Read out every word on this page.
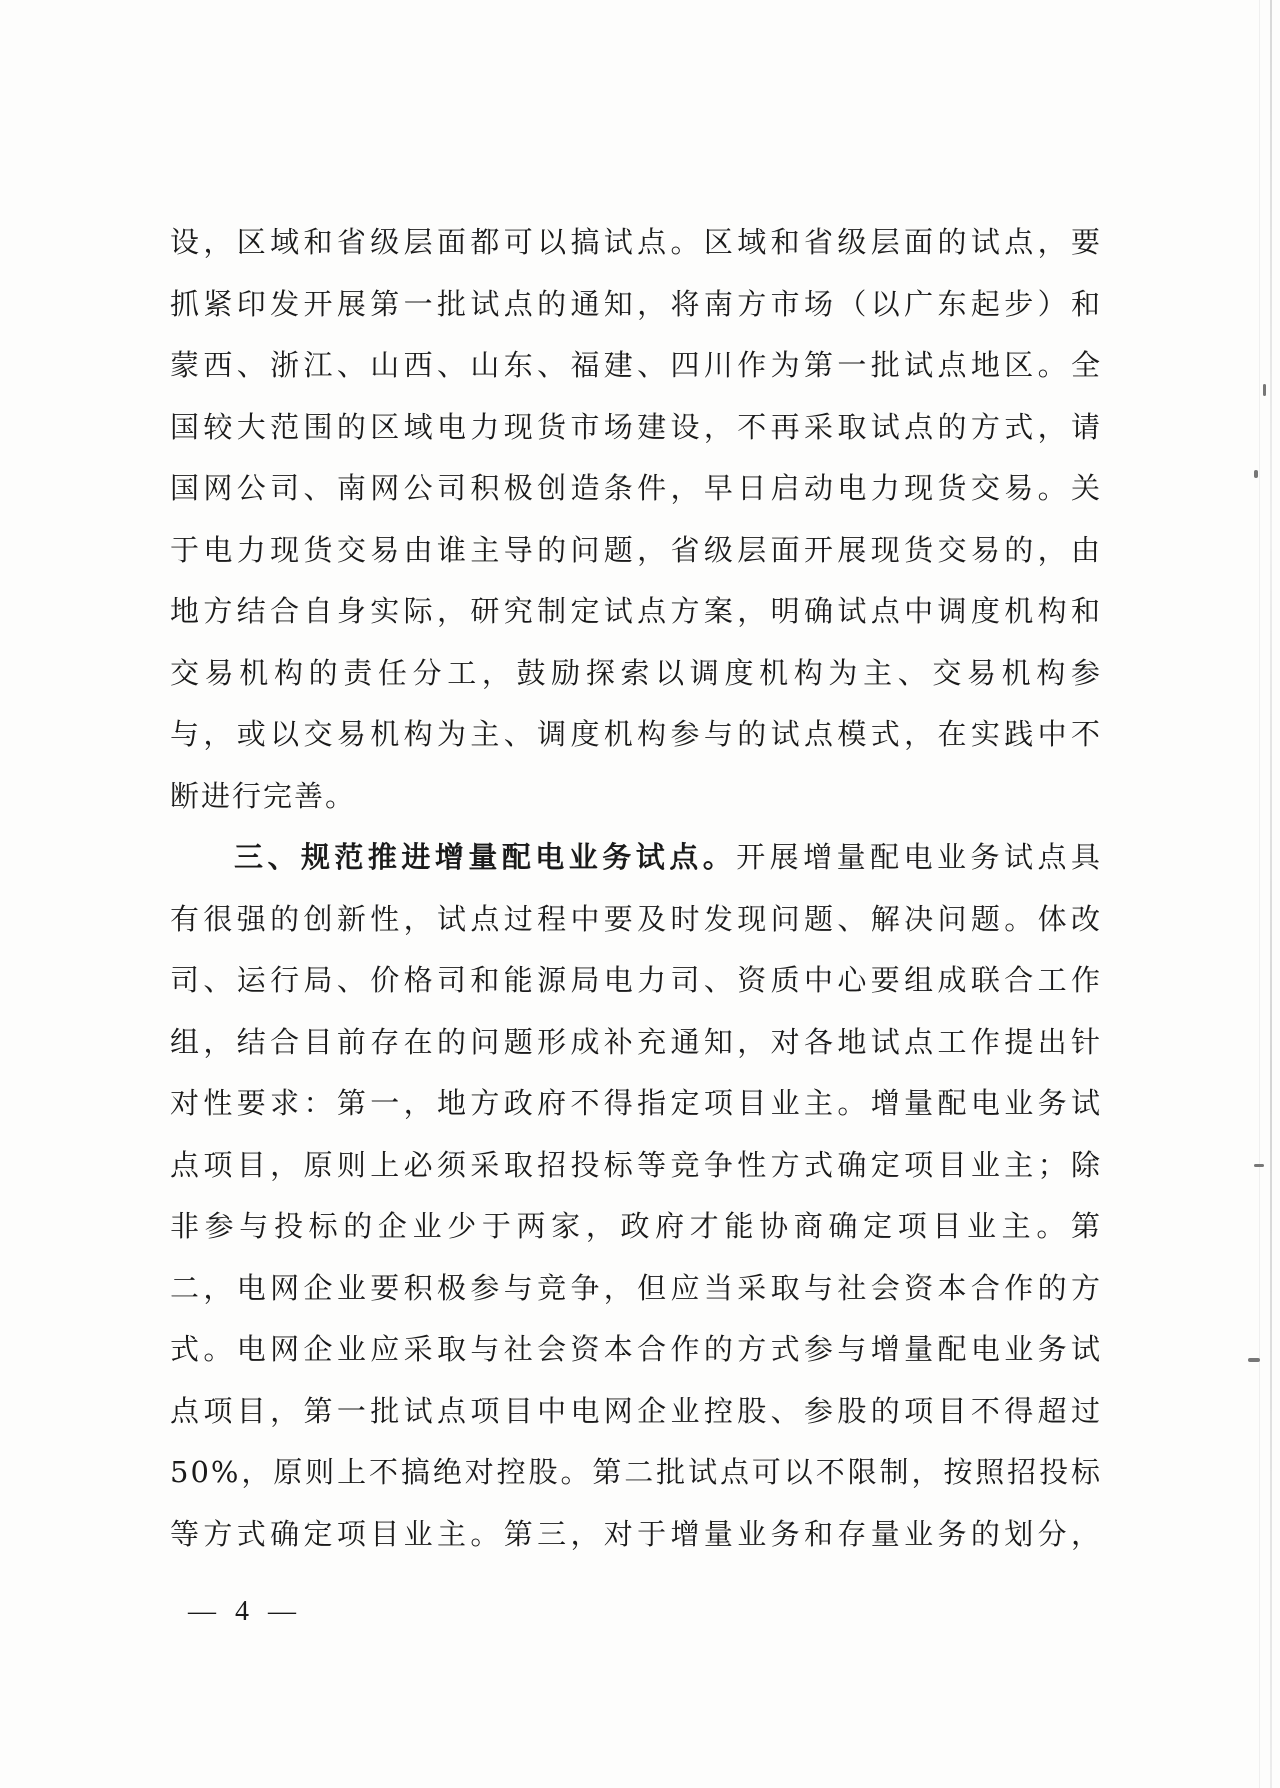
设，区域和省级层面都可以搞试点。区域和省级层面的试点，要
抓紧印发开展第一批试点的通知，将南方市场（以广东起步）和
蒙西、浙江、山西、山东、福建、四川作为第一批试点地区。全
国较大范围的区域电力现货市场建设，不再采取试点的方式，请
国网公司、南网公司积极创造条件，早日启动电力现货交易。关
于电力现货交易由谁主导的问题，省级层面开展现货交易的，由
地方结合自身实际，研究制定试点方案，明确试点中调度机构和
交易机构的责任分工，鼓励探索以调度机构为主、交易机构参
与，或以交易机构为主、调度机构参与的试点模式，在实践中不
断进行完善。
三、规范推进增量配电业务试点。开展增量配电业务试点具
有很强的创新性，试点过程中要及时发现问题、解决问题。体改
司、运行局、价格司和能源局电力司、资质中心要组成联合工作
组，结合目前存在的问题形成补充通知，对各地试点工作提出针
对性要求：第一，地方政府不得指定项目业主。增量配电业务试
点项目，原则上必须采取招投标等竞争性方式确定项目业主；除
非参与投标的企业少于两家，政府才能协商确定项目业主。第
二，电网企业要积极参与竞争，但应当采取与社会资本合作的方
式。电网企业应采取与社会资本合作的方式参与增量配电业务试
点项目，第一批试点项目中电网企业控股、参股的项目不得超过
50%，原则上不搞绝对控股。第二批试点可以不限制，按照招投标
等方式确定项目业主。第三，对于增量业务和存量业务的划分，
— 4 —
